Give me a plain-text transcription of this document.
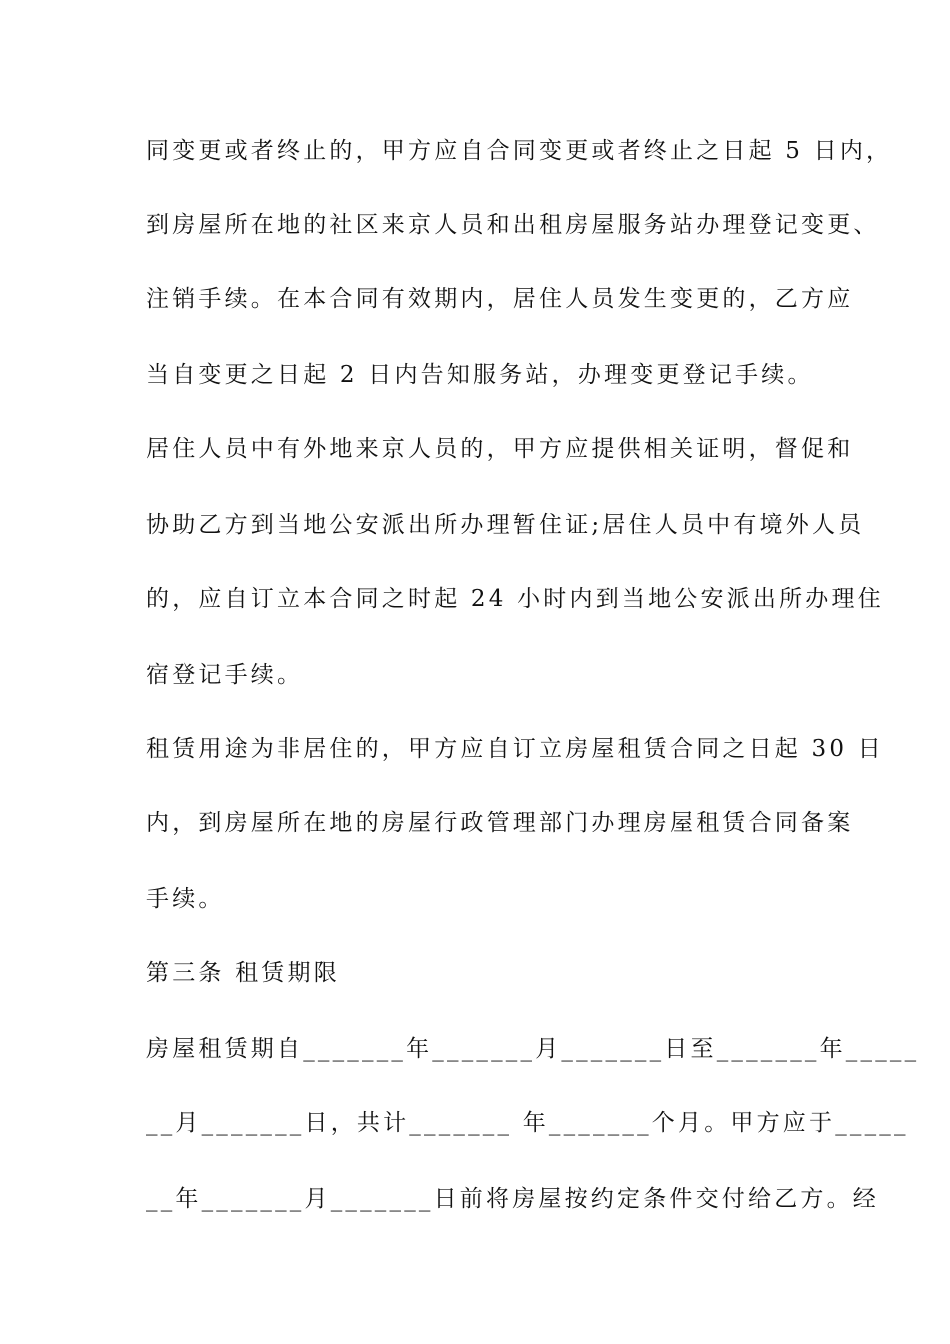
同变更或者终止的，甲方应自合同变更或者终止之日起 5 日内，
到房屋所在地的社区来京人员和出租房屋服务站办理登记变更、
注销手续。在本合同有效期内，居住人员发生变更的，乙方应
当自变更之日起 2 日内告知服务站，办理变更登记手续。
居住人员中有外地来京人员的，甲方应提供相关证明，督促和
协助乙方到当地公安派出所办理暂住证;居住人员中有境外人员
的，应自订立本合同之时起 24 小时内到当地公安派出所办理住
宿登记手续。
租赁用途为非居住的，甲方应自订立房屋租赁合同之日起 30 日
内，到房屋所在地的房屋行政管理部门办理房屋租赁合同备案
手续。
第三条 租赁期限
房屋租赁期自_______年_______月_______日至_______年_____
__月_______日，共计_______ 年_______个月。甲方应于_____
__年_______月_______日前将房屋按约定条件交付给乙方。经
